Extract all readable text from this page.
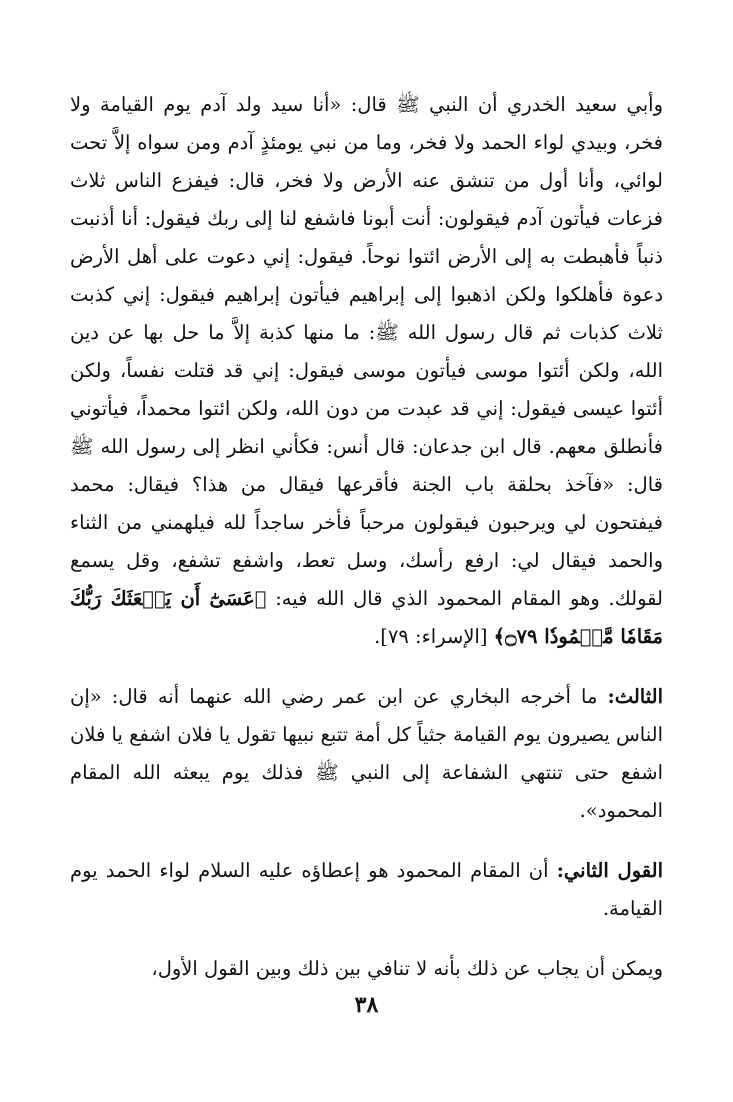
وأبي سعيد الخدري أن النبي ﷺ قال: «أنا سيد ولد آدم يوم القيامة ولا فخر، وبيدي لواء الحمد ولا فخر، وما من نبي يومئذٍ آدم ومن سواه إلاَّ تحت لوائي، وأنا أول من تنشق عنه الأرض ولا فخر، قال: فيفزع الناس ثلاث فزعات فيأتون آدم فيقولون: أنت أبونا فاشفع لنا إلى ربك فيقول: أنا أذنبت ذنباً فأهبطت به إلى الأرض ائتوا نوحاً. فيقول: إني دعوت على أهل الأرض دعوة فأهلكوا ولكن اذهبوا إلى إبراهيم فيأتون إبراهيم فيقول: إني كذبت ثلاث كذبات ثم قال رسول الله ﷺ: ما منها كذبة إلاَّ ما حل بها عن دين الله، ولكن أئتوا موسى فيأتون موسى فيقول: إني قد قتلت نفساً، ولكن أئتوا عيسى فيقول: إني قد عبدت من دون الله، ولكن ائتوا محمداً، فيأتوني فأنطلق معهم. قال ابن جدعان: قال أنس: فكأني انظر إلى رسول الله ﷺ قال: «فآخذ بحلقة باب الجنة فأقرعها فيقال من هذا؟ فيقال: محمد فيفتحون لي ويرحبون فيقولون مرحباً فأخر ساجداً لله فيلهمني من الثناء والحمد فيقال لي: ارفع رأسك، وسل تعط، واشفع تشفع، وقل يسمع لقولك. وهو المقام المحمود الذي قال الله فيه: ﴿عَسَىٰٓ أَن يَبۡعَثَكَ رَبُّكَ مَقَامٗا مَّحۡمُودٗا ۝٧٩﴾ [الإسراء: ٧٩].

الثالث: ما أخرجه البخاري عن ابن عمر رضي الله عنهما أنه قال: «إن الناس يصيرون يوم القيامة جثياً كل أمة تتبع نبيها تقول يا فلان اشفع يا فلان اشفع حتى تنتهي الشفاعة إلى النبي ﷺ فذلك يوم يبعثه الله المقام المحمود».

القول الثاني: أن المقام المحمود هو إعطاؤه عليه السلام لواء الحمد يوم القيامة.

ويمكن أن يجاب عن ذلك بأنه لا تنافي بين ذلك وبين القول الأول،

٣٨
